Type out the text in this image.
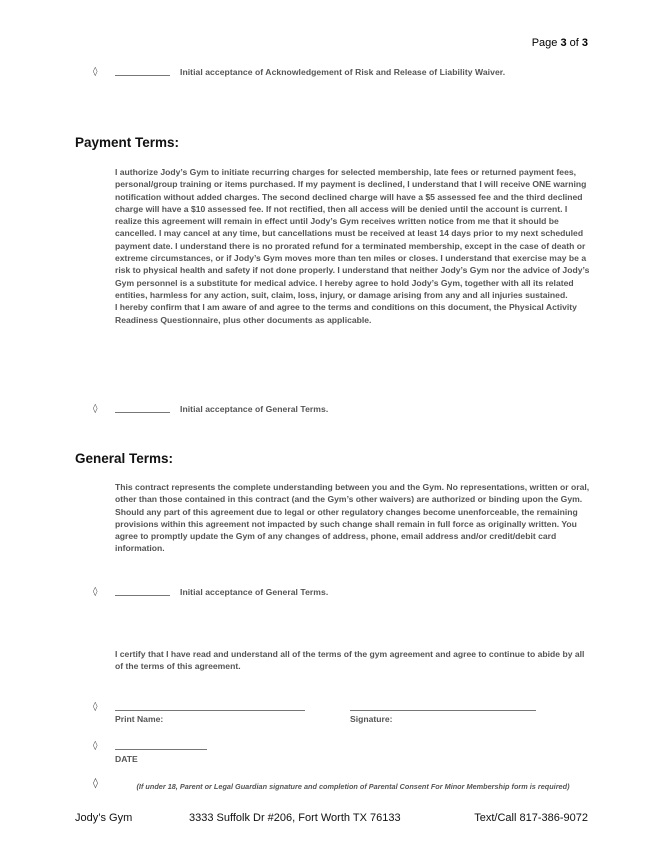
Page 3 of 3
◊	Initial acceptance of Acknowledgement of Risk and Release of Liability Waiver.
Payment Terms:

I authorize Jody’s Gym to initiate recurring charges for selected membership, late fees or returned payment fees, personal/group training or items purchased. If my payment is declined, I understand that I will receive ONE warning notification without added charges. The second declined charge will have a $5 assessed fee and the third declined charge will have a $10 assessed fee. If not rectified, then all access will be denied until the account is current. I realize this agreement will remain in effect until Jody’s Gym receives written notice from me that it should be cancelled. I may cancel at any time, but cancellations must be received at least 14 days prior to my next scheduled payment date. I understand there is no prorated refund for a terminated membership, except in the case of death or extreme circumstances, or if Jody’s Gym moves more than ten miles or closes. I understand that exercise may be a risk to physical health and safety if not done properly. I understand that neither Jody’s Gym nor the advice of Jody’s Gym personnel is a substitute for medical advice. I hereby agree to hold Jody’s Gym, together with all its related entities, harmless for any action, suit, claim, loss, injury, or damage arising from any and all injuries sustained.

I hereby confirm that I am aware of and agree to the terms and conditions on this document, the Physical Activity Readiness Questionnaire, plus other documents as applicable.

◊	Initial acceptance of General Terms.
General Terms:

This contract represents the complete understanding between you and the Gym. No representations, written or oral, other than those contained in this contract (and the Gym’s other waivers) are authorized or binding upon the Gym. Should any part of this agreement due to legal or other regulatory changes become unenforceable, the remaining provisions within this agreement not impacted by such change shall remain in full force as originally written. You agree to promptly update the Gym of any changes of address, phone, email address and/or credit/debit card information.

◊	Initial acceptance of General Terms.

I certify that I have read and understand all of the terms of the gym agreement and agree to continue to abide by all of the terms of this agreement.

◊
Print Name:	Signature:
◊
DATE
◊	(If under 18, Parent or Legal Guardian signature and completion of Parental Consent For Minor Membership form is required)
Jody’s Gym	3333 Suffolk Dr #206, Fort Worth TX 76133	Text/Call 817-386-9072
